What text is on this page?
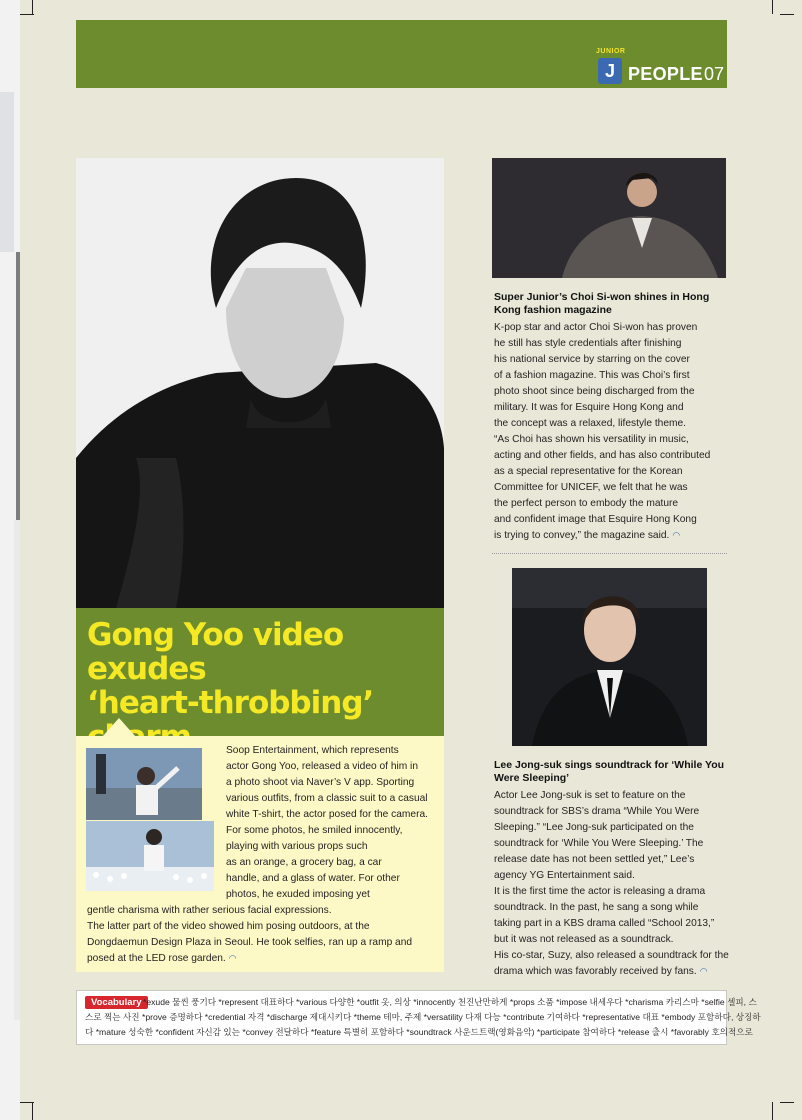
JUNIOR
J PEOPLE 07
Gong Yoo video exudes
‘heart-throbbing’
Soop Entertainment, which represents
actor Gong Yoo, released a video of him in
a photo shoot via Naver’s V app. Sporting
various outfits, from a classic suit to a casual
white T-shirt, the actor posed for the camera.
For some photos, he smiled innocently,
playing with various props such
as an orange, a grocery bag, a car
handle, and a glass of water. For other
photos, he exuded imposing yet
gentle charisma with rather serious facial expressions.
The latter part of the video showed him posing outdoors, at the
Dongdaemun Design Plaza in Seoul. He took selfies, ran up a ramp and
posed at the LED rose garden. ◠
Super Junior’s Choi Si-won shines in Hong Kong fashion magazine
K-pop star and actor Choi Si-won has proven
he still has style credentials after finishing
his national service by starring on the cover
of a fashion magazine. This was Choi’s first
photo shoot since being discharged from the
military. It was for Esquire Hong Kong and
the concept was a relaxed, lifestyle theme.
“As Choi has shown his versatility in music,
acting and other fields, and has also contributed
as a special representative for the Korean
Committee for UNICEF, we felt that he was
the perfect person to embody the mature
and confident image that Esquire Hong Kong
is trying to convey,” the magazine said. ◠
Lee Jong-suk sings soundtrack for ‘While You Were Sleeping’
Actor Lee Jong-suk is set to feature on the
soundtrack for SBS’s drama “While You Were
Sleeping.” “Lee Jong-suk participated on the
soundtrack for ‘While You Were Sleeping.’ The
release date has not been settled yet,” Lee’s
agency YG Entertainment said.
It is the first time the actor is releasing a drama
soundtrack. In the past, he sang a song while
taking part in a KBS drama called “School 2013,”
but it was not released as a soundtrack.
His co-star, Suzy, also released a soundtrack for the
drama which was favorably received by fans. ◠
Vocabulary *exude 물씬 풍기다 *represent 대표하다 *various 다양한 *outfit 옷, 의상 *innocently 천진난만하게 *props 소품 *impose 내세우다 *charisma 카리스마 *selfie 셀피, 스
스로 찍는 사진 *prove 증명하다 *credential 자격 *discharge 제대시키다 *theme 테마, 주제 *versatility 다재 다능 *contribute 기여하다 *representative 대표 *embody 포함하다, 상징하
다 *mature 성숙한 *confident 자신감 있는 *convey 전달하다 *feature 특별히 포함하다 *soundtrack 사운드트랙(영화음악) *participate 참여하다 *release 출시 *favorably 호의적으로
